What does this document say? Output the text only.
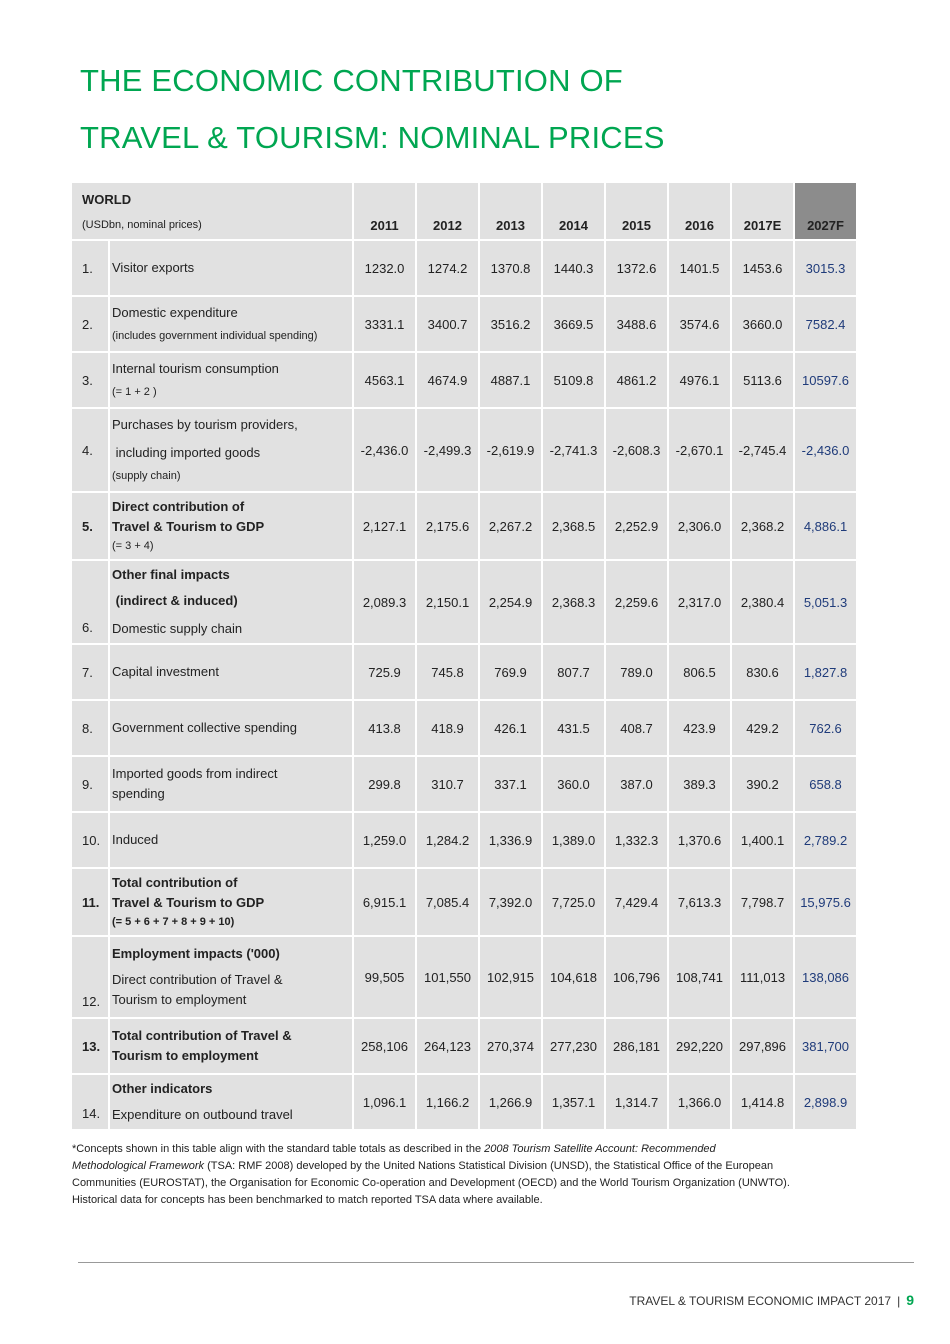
THE ECONOMIC CONTRIBUTION OF
TRAVEL & TOURISM: NOMINAL PRICES
WORLD
(USDbn, nominal prices)		2011	2012	2013	2014	2015	2016	2017E	2027F
1.	Visitor exports	1232.0	1274.2	1370.8	1440.3	1372.6	1401.5	1453.6	3015.3
2.	Domestic expenditure
(includes government individual spending)	3331.1	3400.7	3516.2	3669.5	3488.6	3574.6	3660.0	7582.4
3.	Internal tourism consumption
(= 1 + 2 )	4563.1	4674.9	4887.1	5109.8	4861.2	4976.1	5113.6	10597.6
4.	Purchases by tourism providers,
including imported goods
(supply chain)	-2,436.0	-2,499.3	-2,619.9	-2,741.3	-2,608.3	-2,670.1	-2,745.4	-2,436.0
5.	Direct contribution of
Travel & Tourism to GDP
(= 3 + 4)	2,127.1	2,175.6	2,267.2	2,368.5	2,252.9	2,306.0	2,368.2	4,886.1
6.	Other final impacts
(indirect & induced)
Domestic supply chain	2,089.3	2,150.1	2,254.9	2,368.3	2,259.6	2,317.0	2,380.4	5,051.3
7.	Capital investment	725.9	745.8	769.9	807.7	789.0	806.5	830.6	1,827.8
8.	Government collective spending	413.8	418.9	426.1	431.5	408.7	423.9	429.2	762.6
9.	Imported goods from indirect
spending	299.8	310.7	337.1	360.0	387.0	389.3	390.2	658.8
10.	Induced	1,259.0	1,284.2	1,336.9	1,389.0	1,332.3	1,370.6	1,400.1	2,789.2
11.	Total contribution of
Travel & Tourism to GDP
(= 5 + 6 + 7 + 8 + 9 + 10)	6,915.1	7,085.4	7,392.0	7,725.0	7,429.4	7,613.3	7,798.7	15,975.6
12.	Employment impacts ('000)
Direct contribution of Travel &
Tourism to employment	99,505	101,550	102,915	104,618	106,796	108,741	111,013	138,086
13.	Total contribution of Travel &
Tourism to employment	258,106	264,123	270,374	277,230	286,181	292,220	297,896	381,700
14.	Other indicators
Expenditure on outbound travel	1,096.1	1,166.2	1,266.9	1,357.1	1,314.7	1,366.0	1,414.8	2,898.9

*Concepts shown in this table align with the standard table totals as described in the 2008 Tourism Satellite Account: Recommended Methodological Framework (TSA: RMF 2008) developed by the United Nations Statistical Division (UNSD), the Statistical Office of the European Communities (EUROSTAT), the Organisation for Economic Co-operation and Development (OECD) and the World Tourism Organization (UNWTO).

Historical data for concepts has been benchmarked to match reported TSA data where available.

TRAVEL & TOURISM ECONOMIC IMPACT 2017 | 9
